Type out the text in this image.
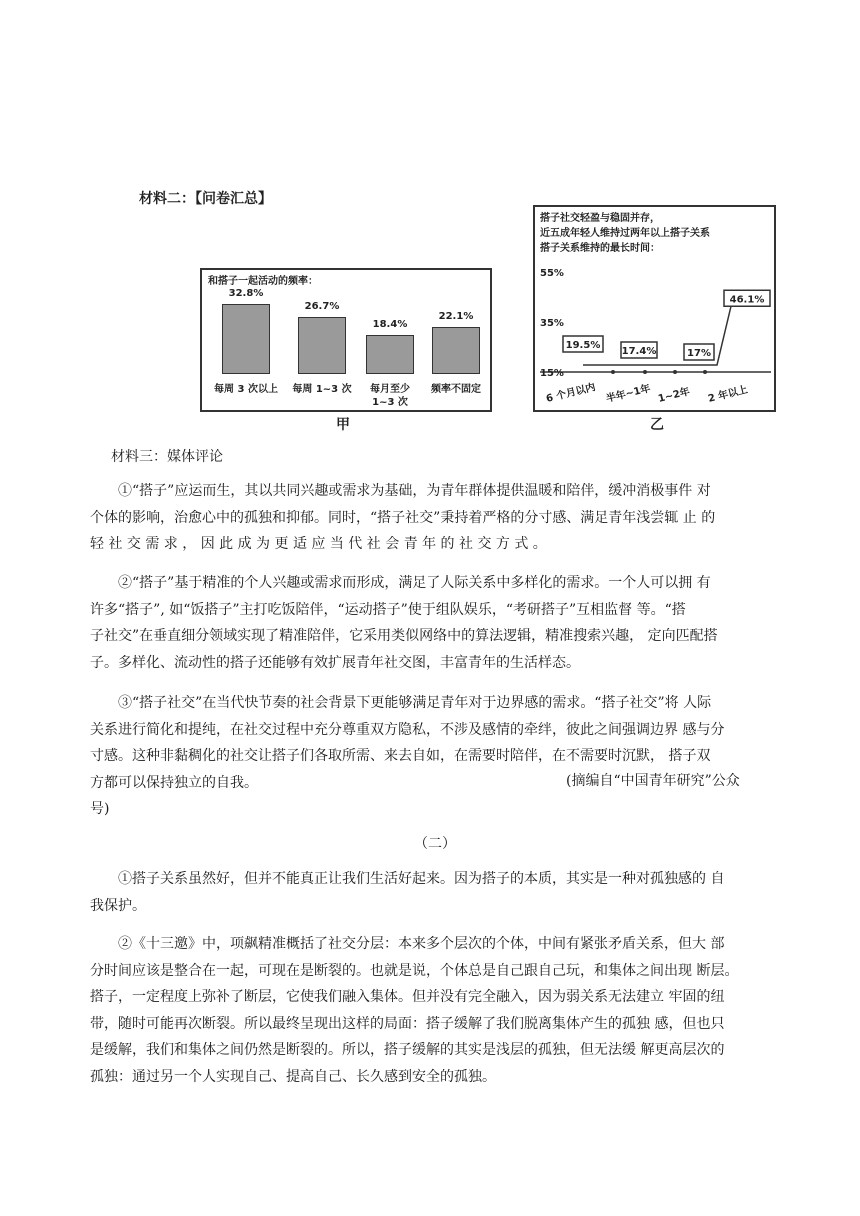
材料二：【问卷汇总】
和搭子一起活动的频率：
32.8%
每周 3 次以上
26.7%
每周 1~3 次
18.4%
每月至少
1~3 次
22.1%
频率不固定
甲
搭子社交轻盈与稳固并存，
近五成年轻人维持过两年以上搭子关系
搭子关系维持的最长时间：
55%
35%
15%
19.5%
17.4%	17%
46.1%
6 个月以内 半年~1年 1~2年 2 年以上
乙
材料三：媒体评论
①“搭子”应运而生，其以共同兴趣或需求为基础，为青年群体提供温暖和陪伴，缓冲消极事件 对
个体的影响，治愈心中的孤独和抑郁。同时，“搭子社交”秉持着严格的分寸感、满足青年浅尝辄 止 的
轻 社 交 需 求 ， 因 此 成 为 更 适 应 当 代 社 会 青 年 的 社 交 方 式 。
②“搭子”基于精准的个人兴趣或需求而形成，满足了人际关系中多样化的需求。一个人可以拥 有
许多“搭子”, 如“饭搭子”主打吃饭陪伴，“运动搭子”使于组队娱乐，“考研搭子”互相监督 等。“搭
子社交”在垂直细分领域实现了精准陪伴，它采用类似网络中的算法逻辑，精准搜索兴趣， 定向匹配搭
子。多样化、流动性的搭子还能够有效扩展青年社交图，丰富青年的生活样态。
③“搭子社交”在当代快节奏的社会背景下更能够满足青年对于边界感的需求。“搭子社交”将 人际
关系进行简化和提纯，在社交过程中充分尊重双方隐私，不涉及感情的牵绊，彼此之间强调边界 感与分
寸感。这种非黏稠化的社交让搭子们各取所需、来去自如，在需要时陪伴，在不需要时沉默， 搭子双
方都可以保持独立的自我。	(摘编自“中国青年研究”公众
（二）
①搭子关系虽然好，但并不能真正让我们生活好起来。因为搭子的本质，其实是一种对孤独感的 自
我保护。
②《十三邀》中，项飙精准概括了社交分层：本来多个层次的个体，中间有紧张矛盾关系，但大 部
分时间应该是整合在一起，可现在是断裂的。也就是说，个体总是自己跟自己玩，和集体之间出现 断层。
搭子，一定程度上弥补了断层，它使我们融入集体。但并没有完全融入，因为弱关系无法建立 牢固的纽
带，随时可能再次断裂。所以最终呈现出这样的局面：搭子缓解了我们脱离集体产生的孤独 感，但也只
是缓解，我们和集体之间仍然是断裂的。所以，搭子缓解的其实是浅层的孤独，但无法缓 解更高层次的
孤独：通过另一个人实现自己、提高自己、长久感到安全的孤独。
号)
